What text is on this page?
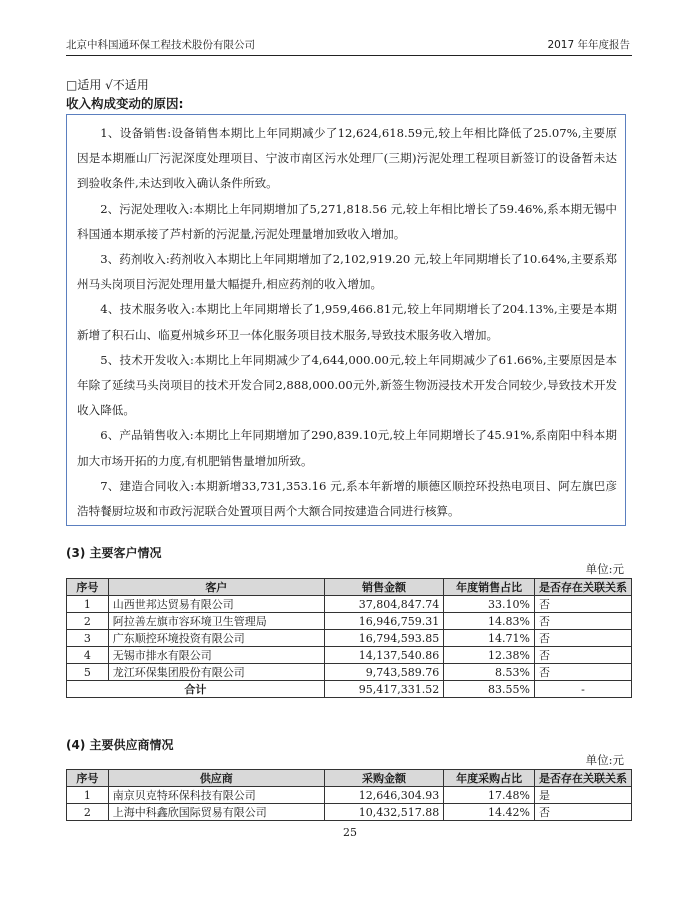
北京中科国通环保工程技术股份有限公司	2017 年年度报告
□适用 √不适用
收入构成变动的原因:

1、设备销售:设备销售本期比上年同期减少了12,624,618.59元,较上年相比降低了25.07%,主要原因是本期雁山厂污泥深度处理项目、宁波市南区污水处理厂(三期)污泥处理工程项目新签订的设备暂未达到验收条件,未达到收入确认条件所致。

2、污泥处理收入:本期比上年同期增加了5,271,818.56 元,较上年相比增长了59.46%,系本期无锡中科国通本期承接了芦村新的污泥量,污泥处理量增加致收入增加。

3、药剂收入:药剂收入本期比上年同期增加了2,102,919.20 元,较上年同期增长了10.64%,主要系郑州马头岗项目污泥处理用量大幅提升,相应药剂的收入增加。

4、技术服务收入:本期比上年同期增长了1,959,466.81元,较上年同期增长了204.13%,主要是本期新增了积石山、临夏州城乡环卫一体化服务项目技术服务,导致技术服务收入增加。

5、技术开发收入:本期比上年同期减少了4,644,000.00元,较上年同期减少了61.66%,主要原因是本年除了延续马头岗项目的技术开发合同2,888,000.00元外,新签生物沥浸技术开发合同较少,导致技术开发收入降低。

6、产品销售收入:本期比上年同期增加了290,839.10元,较上年同期增长了45.91%,系南阳中科本期加大市场开拓的力度,有机肥销售量增加所致。

7、建造合同收入:本期新增33,731,353.16 元,系本年新增的顺德区顺控环投热电项目、阿左旗巴彦浩特餐厨垃圾和市政污泥联合处置项目两个大额合同按建造合同进行核算。

(3) 主要客户情况
单位:元
序号	客户	销售金额	年度销售占比	是否存在关联关系
1	山西世邦达贸易有限公司	37,804,847.74	33.10%	否
2	阿拉善左旗市容环境卫生管理局	16,946,759.31	14.83%	否
3	广东顺控环境投资有限公司	16,794,593.85	14.71%	否
4	无锡市排水有限公司	14,137,540.86	12.38%	否
5	龙江环保集团股份有限公司	9,743,589.76	8.53%	否
合计		95,417,331.52	83.55%	-
(4) 主要供应商情况
单位:元
序号	供应商	采购金额	年度采购占比	是否存在关联关系
1	南京贝克特环保科技有限公司	12,646,304.93	17.48%	是
2	上海中科鑫欣国际贸易有限公司	10,432,517.88	14.42%	否
25
